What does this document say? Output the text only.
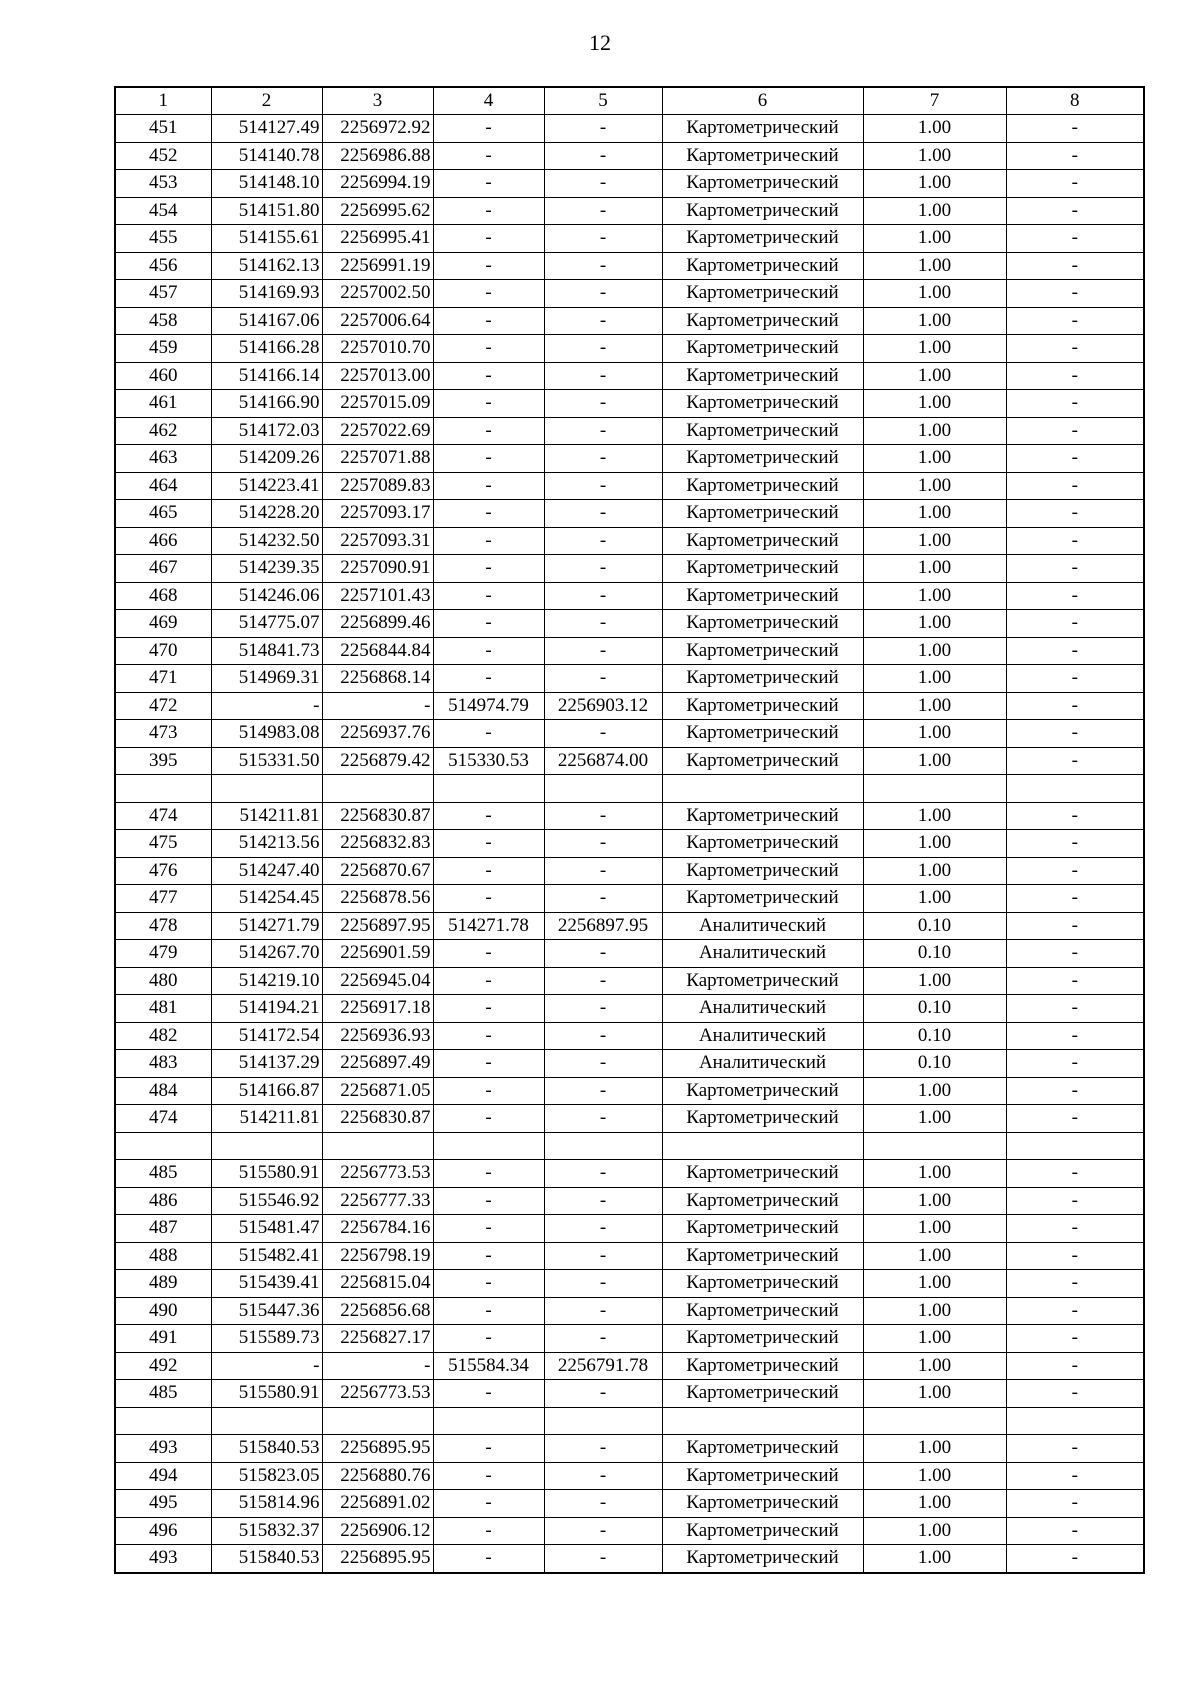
12
1	2	3	4	5	6	7	8
451	514127.49	2256972.92	-	-	Картометрический	1.00	-
452	514140.78	2256986.88	-	-	Картометрический	1.00	-
453	514148.10	2256994.19	-	-	Картометрический	1.00	-
454	514151.80	2256995.62	-	-	Картометрический	1.00	-
455	514155.61	2256995.41	-	-	Картометрический	1.00	-
456	514162.13	2256991.19	-	-	Картометрический	1.00	-
457	514169.93	2257002.50	-	-	Картометрический	1.00	-
458	514167.06	2257006.64	-	-	Картометрический	1.00	-
459	514166.28	2257010.70	-	-	Картометрический	1.00	-
460	514166.14	2257013.00	-	-	Картометрический	1.00	-
461	514166.90	2257015.09	-	-	Картометрический	1.00	-
462	514172.03	2257022.69	-	-	Картометрический	1.00	-
463	514209.26	2257071.88	-	-	Картометрический	1.00	-
464	514223.41	2257089.83	-	-	Картометрический	1.00	-
465	514228.20	2257093.17	-	-	Картометрический	1.00	-
466	514232.50	2257093.31	-	-	Картометрический	1.00	-
467	514239.35	2257090.91	-	-	Картометрический	1.00	-
468	514246.06	2257101.43	-	-	Картометрический	1.00	-
469	514775.07	2256899.46	-	-	Картометрический	1.00	-
470	514841.73	2256844.84	-	-	Картометрический	1.00	-
471	514969.31	2256868.14	-	-	Картометрический	1.00	-
472	-	-	514974.79	2256903.12	Картометрический	1.00	-
473	514983.08	2256937.76	-	-	Картометрический	1.00	-
395	515331.50	2256879.42	515330.53	2256874.00	Картометрический	1.00	-

474	514211.81	2256830.87	-	-	Картометрический	1.00	-
475	514213.56	2256832.83	-	-	Картометрический	1.00	-
476	514247.40	2256870.67	-	-	Картометрический	1.00	-
477	514254.45	2256878.56	-	-	Картометрический	1.00	-
478	514271.79	2256897.95	514271.78	2256897.95	Аналитический	0.10	-
479	514267.70	2256901.59	-	-	Аналитический	0.10	-
480	514219.10	2256945.04	-	-	Картометрический	1.00	-
481	514194.21	2256917.18	-	-	Аналитический	0.10	-
482	514172.54	2256936.93	-	-	Аналитический	0.10	-
483	514137.29	2256897.49	-	-	Аналитический	0.10	-
484	514166.87	2256871.05	-	-	Картометрический	1.00	-
474	514211.81	2256830.87	-	-	Картометрический	1.00	-

485	515580.91	2256773.53	-	-	Картометрический	1.00	-
486	515546.92	2256777.33	-	-	Картометрический	1.00	-
487	515481.47	2256784.16	-	-	Картометрический	1.00	-
488	515482.41	2256798.19	-	-	Картометрический	1.00	-
489	515439.41	2256815.04	-	-	Картометрический	1.00	-
490	515447.36	2256856.68	-	-	Картометрический	1.00	-
491	515589.73	2256827.17	-	-	Картометрический	1.00	-
492	-	-	515584.34	2256791.78	Картометрический	1.00	-
485	515580.91	2256773.53	-	-	Картометрический	1.00	-

493	515840.53	2256895.95	-	-	Картометрический	1.00	-
494	515823.05	2256880.76	-	-	Картометрический	1.00	-
495	515814.96	2256891.02	-	-	Картометрический	1.00	-
496	515832.37	2256906.12	-	-	Картометрический	1.00	-
493	515840.53	2256895.95	-	-	Картометрический	1.00	-
